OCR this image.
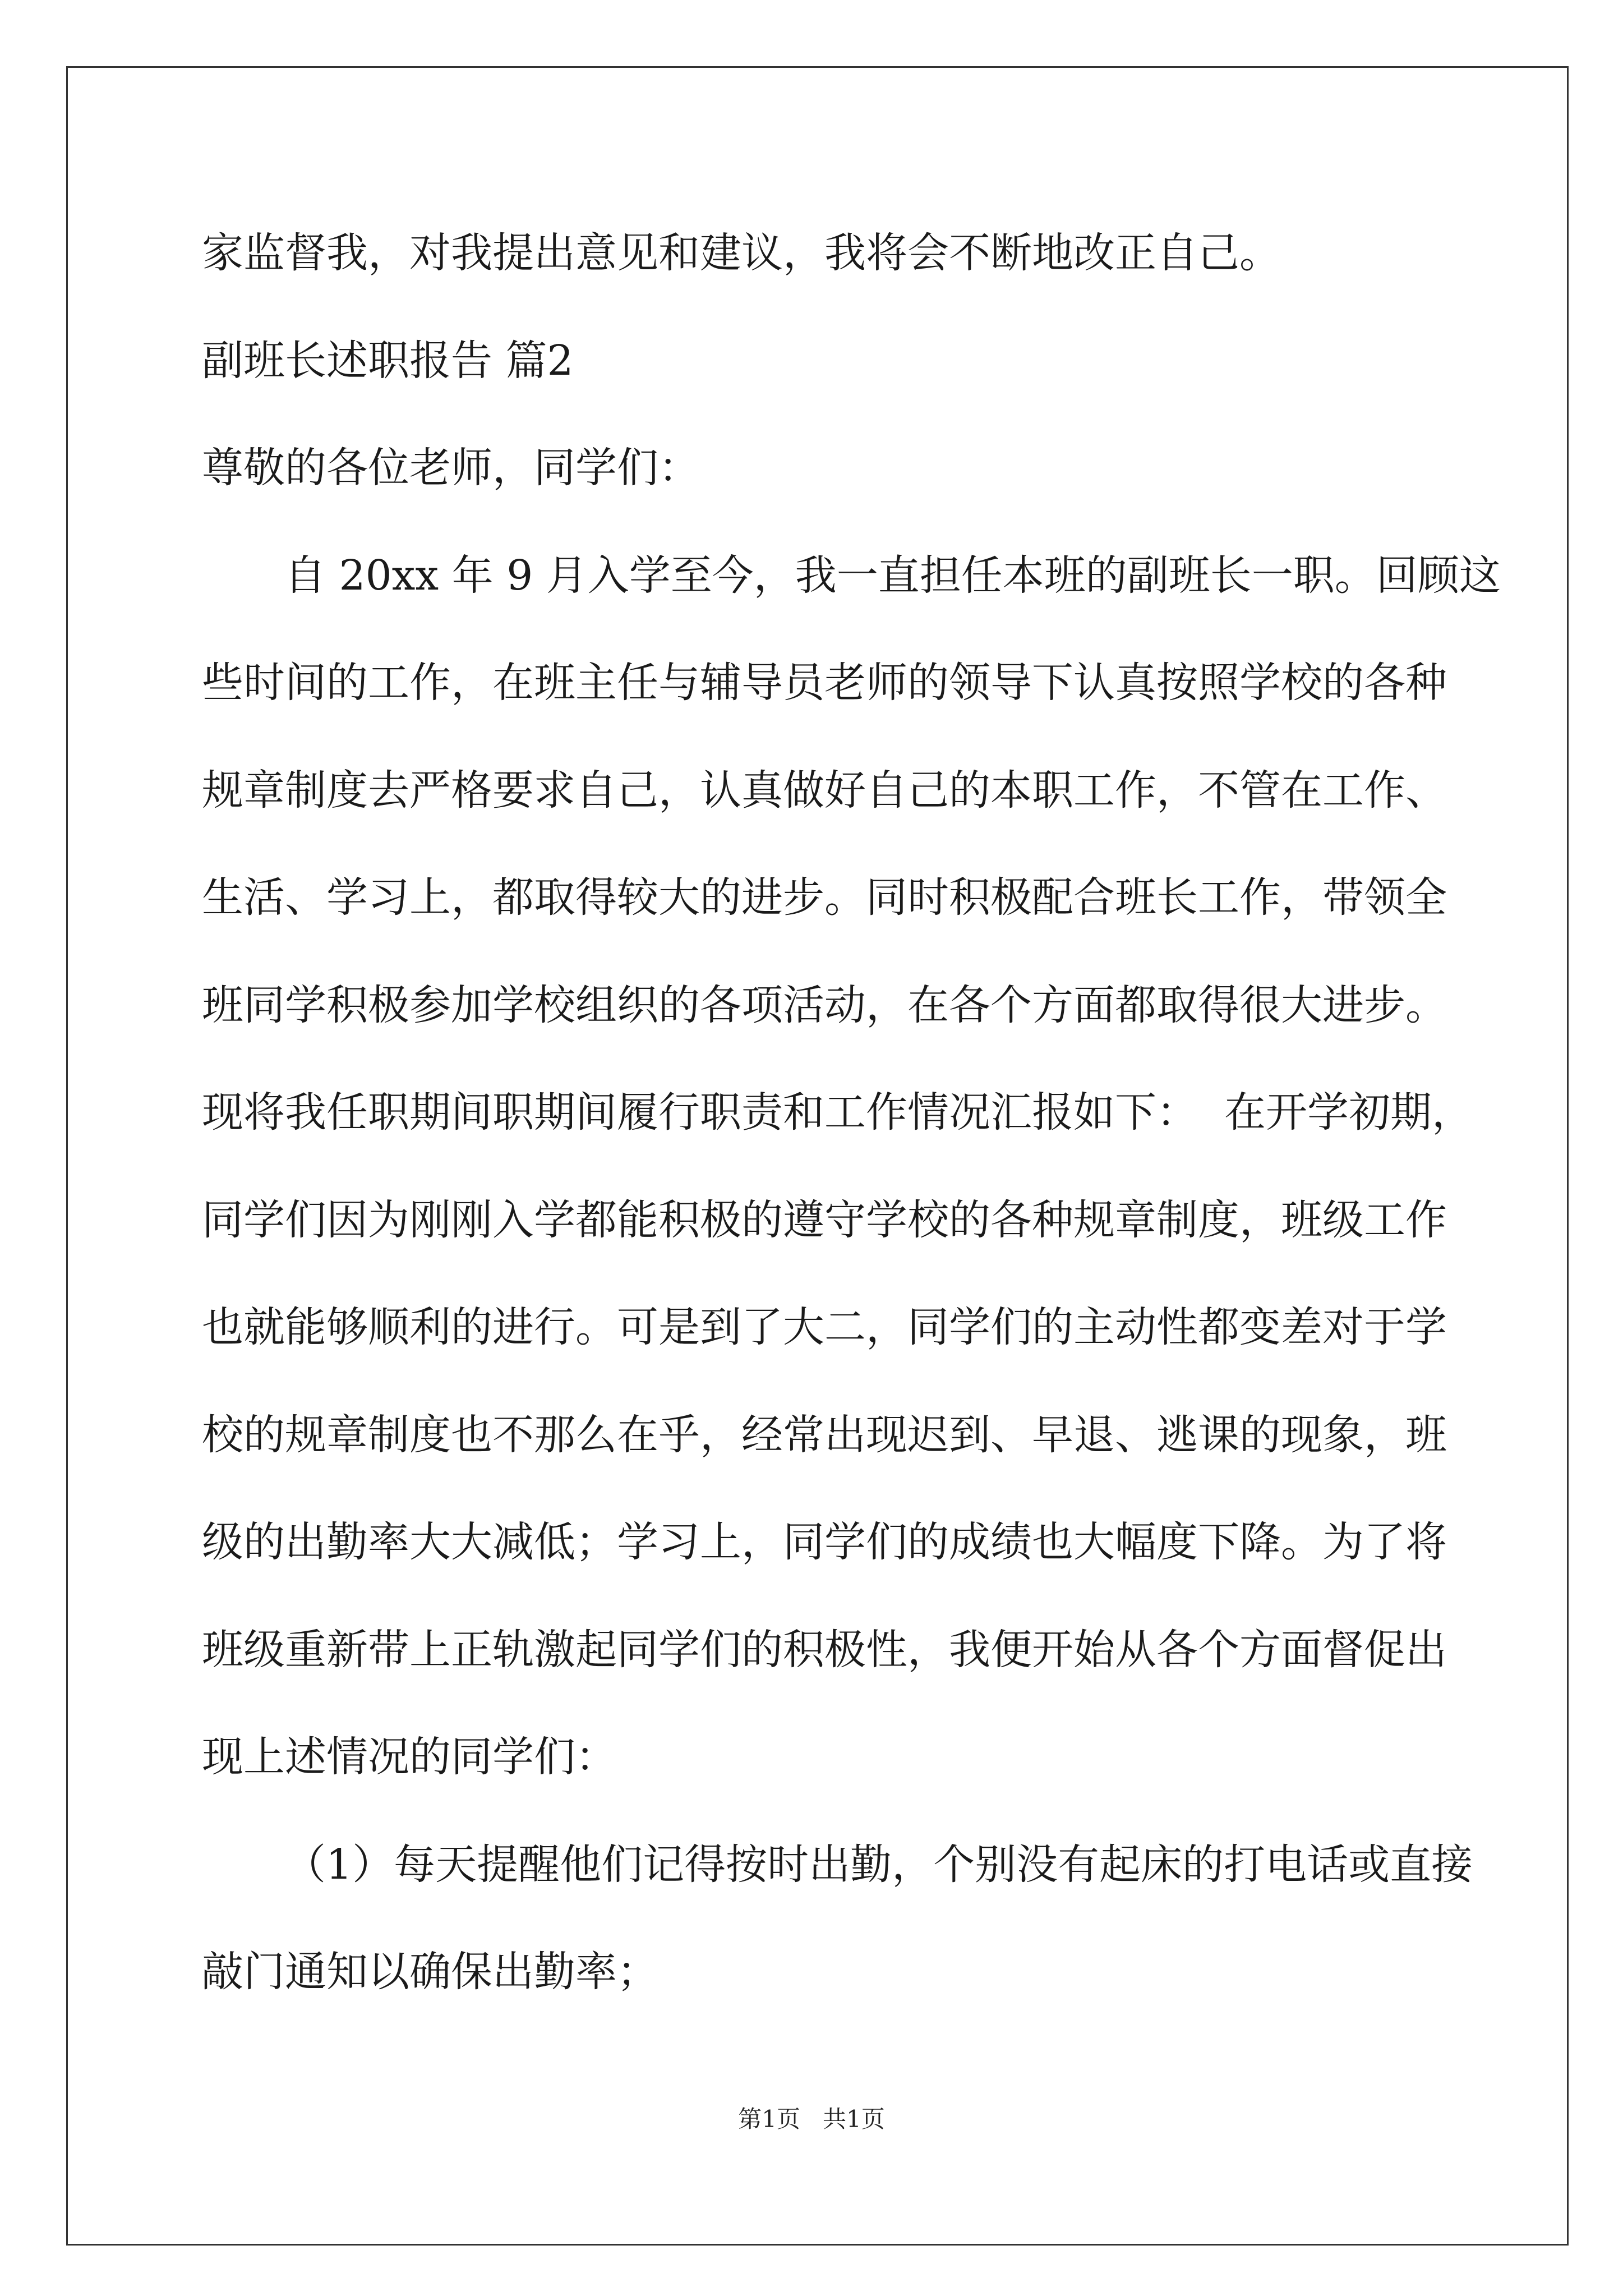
家监督我，对我提出意见和建议，我将会不断地改正自己。
副班长述职报告 篇2
尊敬的各位老师，同学们：
自 20xx 年 9 月入学至今，我一直担任本班的副班长一职。回顾这
些时间的工作，在班主任与辅导员老师的领导下认真按照学校的各种
规章制度去严格要求自己，认真做好自己的本职工作，不管在工作、
生活、学习上，都取得较大的进步。同时积极配合班长工作，带领全
班同学积极参加学校组织的各项活动，在各个方面都取得很大进步。
现将我任职期间职期间履行职责和工作情况汇报如下：  在开学初期，
同学们因为刚刚入学都能积极的遵守学校的各种规章制度，班级工作
也就能够顺利的进行。可是到了大二，同学们的主动性都变差对于学
校的规章制度也不那么在乎，经常出现迟到、早退、逃课的现象，班
级的出勤率大大减低；学习上，同学们的成绩也大幅度下降。为了将
班级重新带上正轨激起同学们的积极性，我便开始从各个方面督促出
现上述情况的同学们：
（1）每天提醒他们记得按时出勤，个别没有起床的打电话或直接
敲门通知以确保出勤率；
第1页   共1页
